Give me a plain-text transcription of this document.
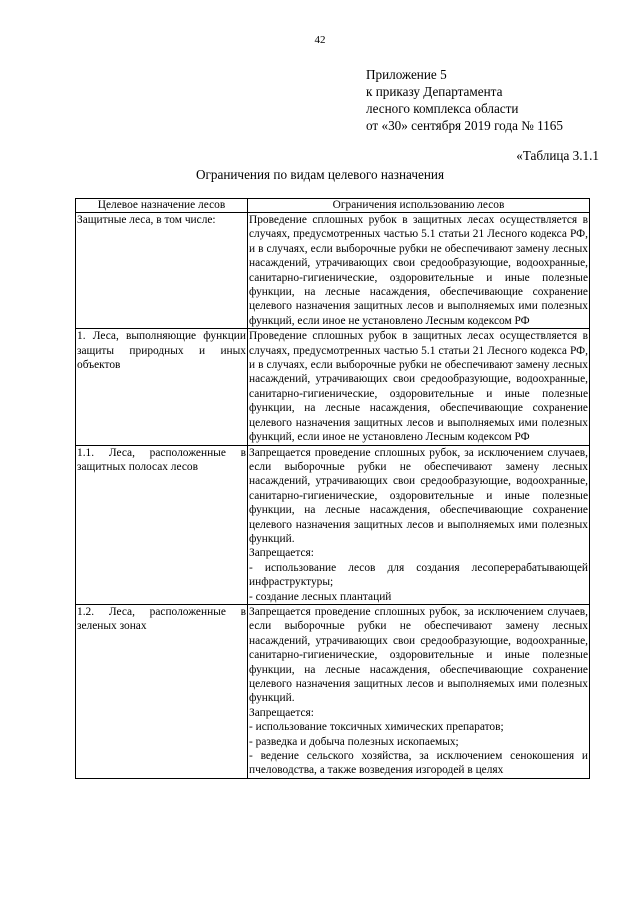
42
Приложение 5
к приказу Департамента
лесного комплекса области
от «30» сентября 2019 года № 1165
«Таблица 3.1.1
Ограничения по видам целевого назначения
Целевое назначение лесов	Ограничения использованию лесов
Защитные леса, в том числе:	Проведение сплошных рубок в защитных лесах осуществляется в случаях, предусмотренных частью 5.1 статьи 21 Лесного кодекса РФ, и в случаях, если выборочные рубки не обеспечивают замену лесных насаждений, утрачивающих свои средообразующие, водоохранные, санитарно-гигиенические, оздоровительные и иные полезные функции, на лесные насаждения, обеспечивающие сохранение целевого назначения защитных лесов и выполняемых ими полезных функций, если иное не установлено Лесным кодексом РФ

1. Леса, выполняющие функции защиты природных и иных объектов	Проведение сплошных рубок в защитных лесах осуществляется в случаях, предусмотренных частью 5.1 статьи 21 Лесного кодекса РФ, и в случаях, если выборочные рубки не обеспечивают замену лесных насаждений, утрачивающих свои средообразующие, водоохранные, санитарно-гигиенические, оздоровительные и иные полезные функции, на лесные насаждения, обеспечивающие сохранение целевого назначения защитных лесов и выполняемых ими полезных функций, если иное не установлено Лесным кодексом РФ

1.1. Леса, расположенные в защитных полосах лесов	Запрещается проведение сплошных рубок, за исключением случаев, если выборочные рубки не обеспечивают замену лесных насаждений, утрачивающих свои средообразующие, водоохранные, санитарно-гигиенические, оздоровительные и иные полезные функции, на лесные насаждения, обеспечивающие сохранение целевого назначения защитных лесов и выполняемых ими полезных функций.
Запрещается:
- использование лесов для создания лесоперерабатывающей инфраструктуры;
- создание лесных плантаций

1.2. Леса, расположенные в зеленых зонах	Запрещается проведение сплошных рубок, за исключением случаев, если выборочные рубки не обеспечивают замену лесных насаждений, утрачивающих свои средообразующие, водоохранные, санитарно-гигиенические, оздоровительные и иные полезные функции, на лесные насаждения, обеспечивающие сохранение целевого назначения защитных лесов и выполняемых ими полезных функций.
Запрещается:
- использование токсичных химических препаратов;
- разведка и добыча полезных ископаемых;
- ведение сельского хозяйства, за исключением сенокошения и пчеловодства, а также возведения изгородей в целях
